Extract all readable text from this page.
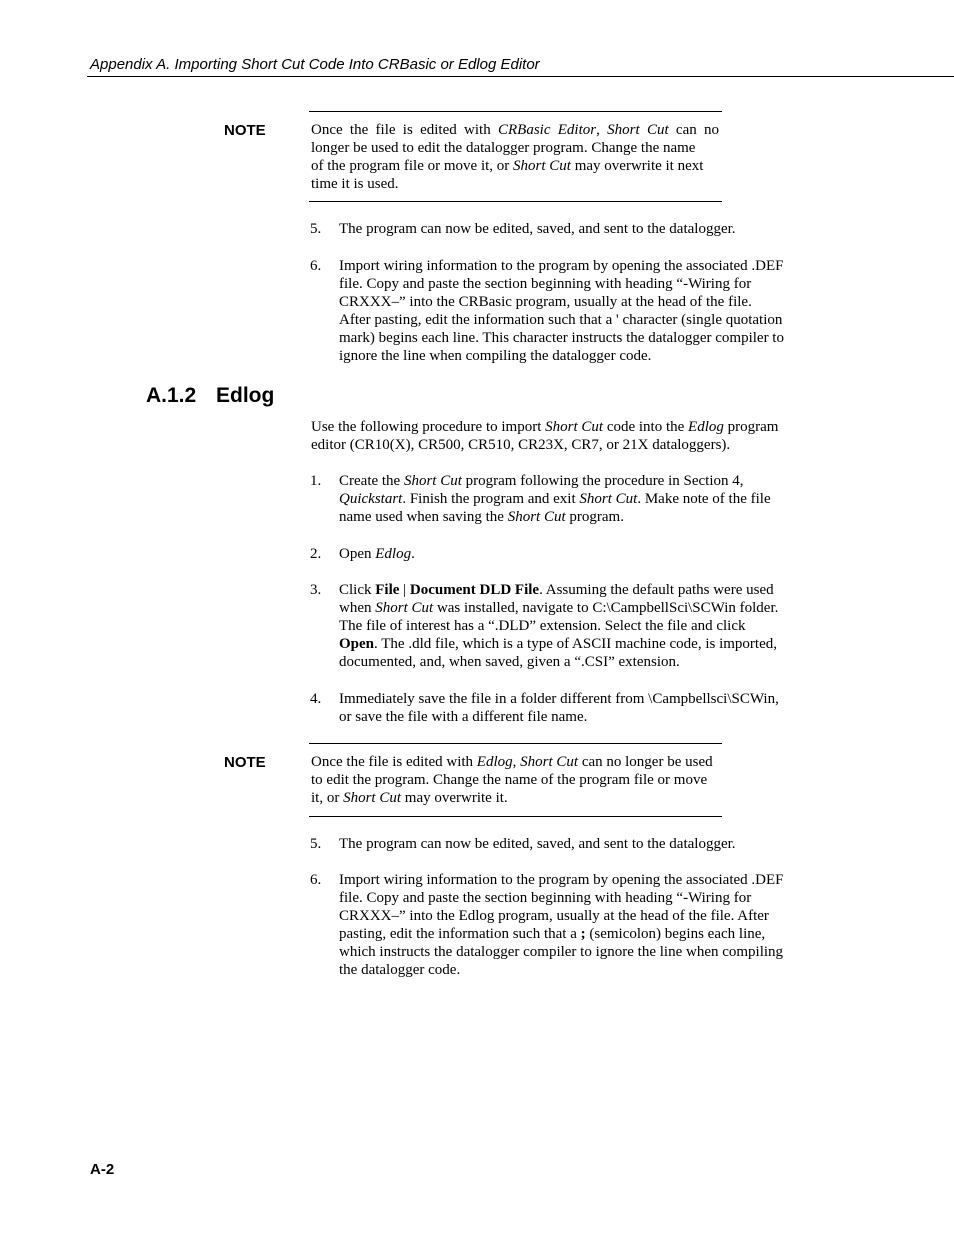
Appendix A. Importing Short Cut Code Into CRBasic or Edlog Editor
NOTE	Once the file is edited with CRBasic Editor, Short Cut can no
longer be used to edit the datalogger program. Change the name
of the program file or move it, or Short Cut may overwrite it next
time it is used.
5. The program can now be edited, saved, and sent to the datalogger.
6. Import wiring information to the program by opening the associated .DEF
file. Copy and paste the section beginning with heading “-Wiring for
CRXXX–” into the CRBasic program, usually at the head of the file.
After pasting, edit the information such that a ' character (single quotation
mark) begins each line. This character instructs the datalogger compiler to
ignore the line when compiling the datalogger code.
A.1.2 Edlog
Use the following procedure to import Short Cut code into the Edlog program
editor (CR10(X), CR500, CR510, CR23X, CR7, or 21X dataloggers).
1. Create the Short Cut program following the procedure in Section 4,
Quickstart. Finish the program and exit Short Cut. Make note of the file
name used when saving the Short Cut program.
2. Open Edlog.
3. Click File | Document DLD File. Assuming the default paths were used
when Short Cut was installed, navigate to C:\CampbellSci\SCWin folder.
The file of interest has a “.DLD” extension. Select the file and click
Open. The .dld file, which is a type of ASCII machine code, is imported,
documented, and, when saved, given a “.CSI” extension.
4. Immediately save the file in a folder different from \Campbellsci\SCWin,
or save the file with a different file name.
NOTE	Once the file is edited with Edlog, Short Cut can no longer be used
to edit the program. Change the name of the program file or move
it, or Short Cut may overwrite it.
5. The program can now be edited, saved, and sent to the datalogger.
6. Import wiring information to the program by opening the associated .DEF
file. Copy and paste the section beginning with heading “-Wiring for
CRXXX–” into the Edlog program, usually at the head of the file. After
pasting, edit the information such that a ; (semicolon) begins each line,
which instructs the datalogger compiler to ignore the line when compiling
the datalogger code.
A-2
